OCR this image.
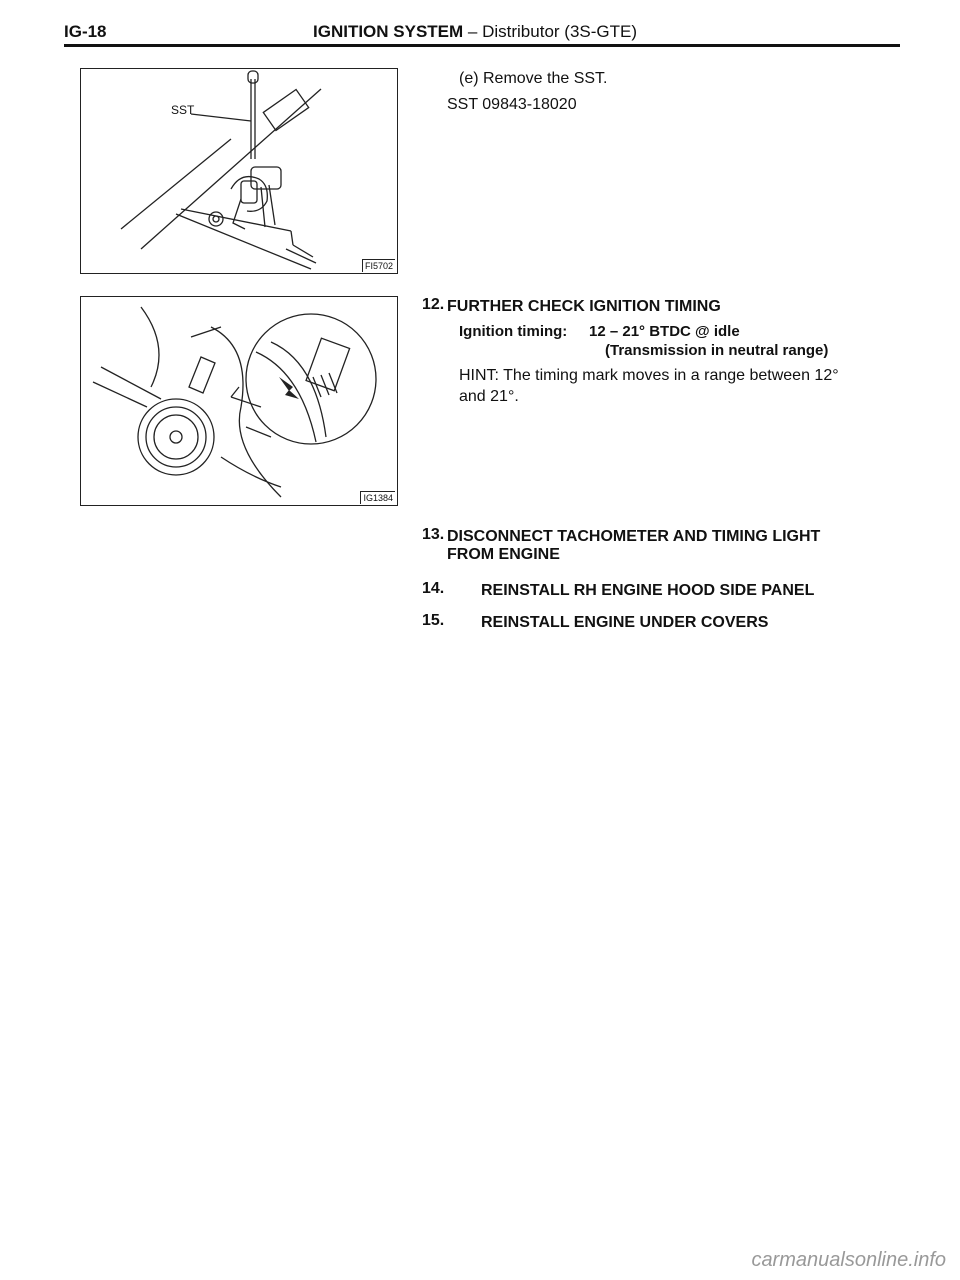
IG-18	IGNITION SYSTEM – Distributor (3S-GTE)
SST
FI5702
IG1384
(e) Remove the SST.
SST 09843-18020
12. FURTHER CHECK IGNITION TIMING
Ignition timing: 12 – 21° BTDC @ idle
(Transmission in neutral range)
HINT: The timing mark moves in a range between 12°
and 21°.
13. DISCONNECT TACHOMETER AND TIMING LIGHT
FROM ENGINE
14. REINSTALL RH ENGINE HOOD SIDE PANEL
15. REINSTALL ENGINE UNDER COVERS
carmanualsonline.info
